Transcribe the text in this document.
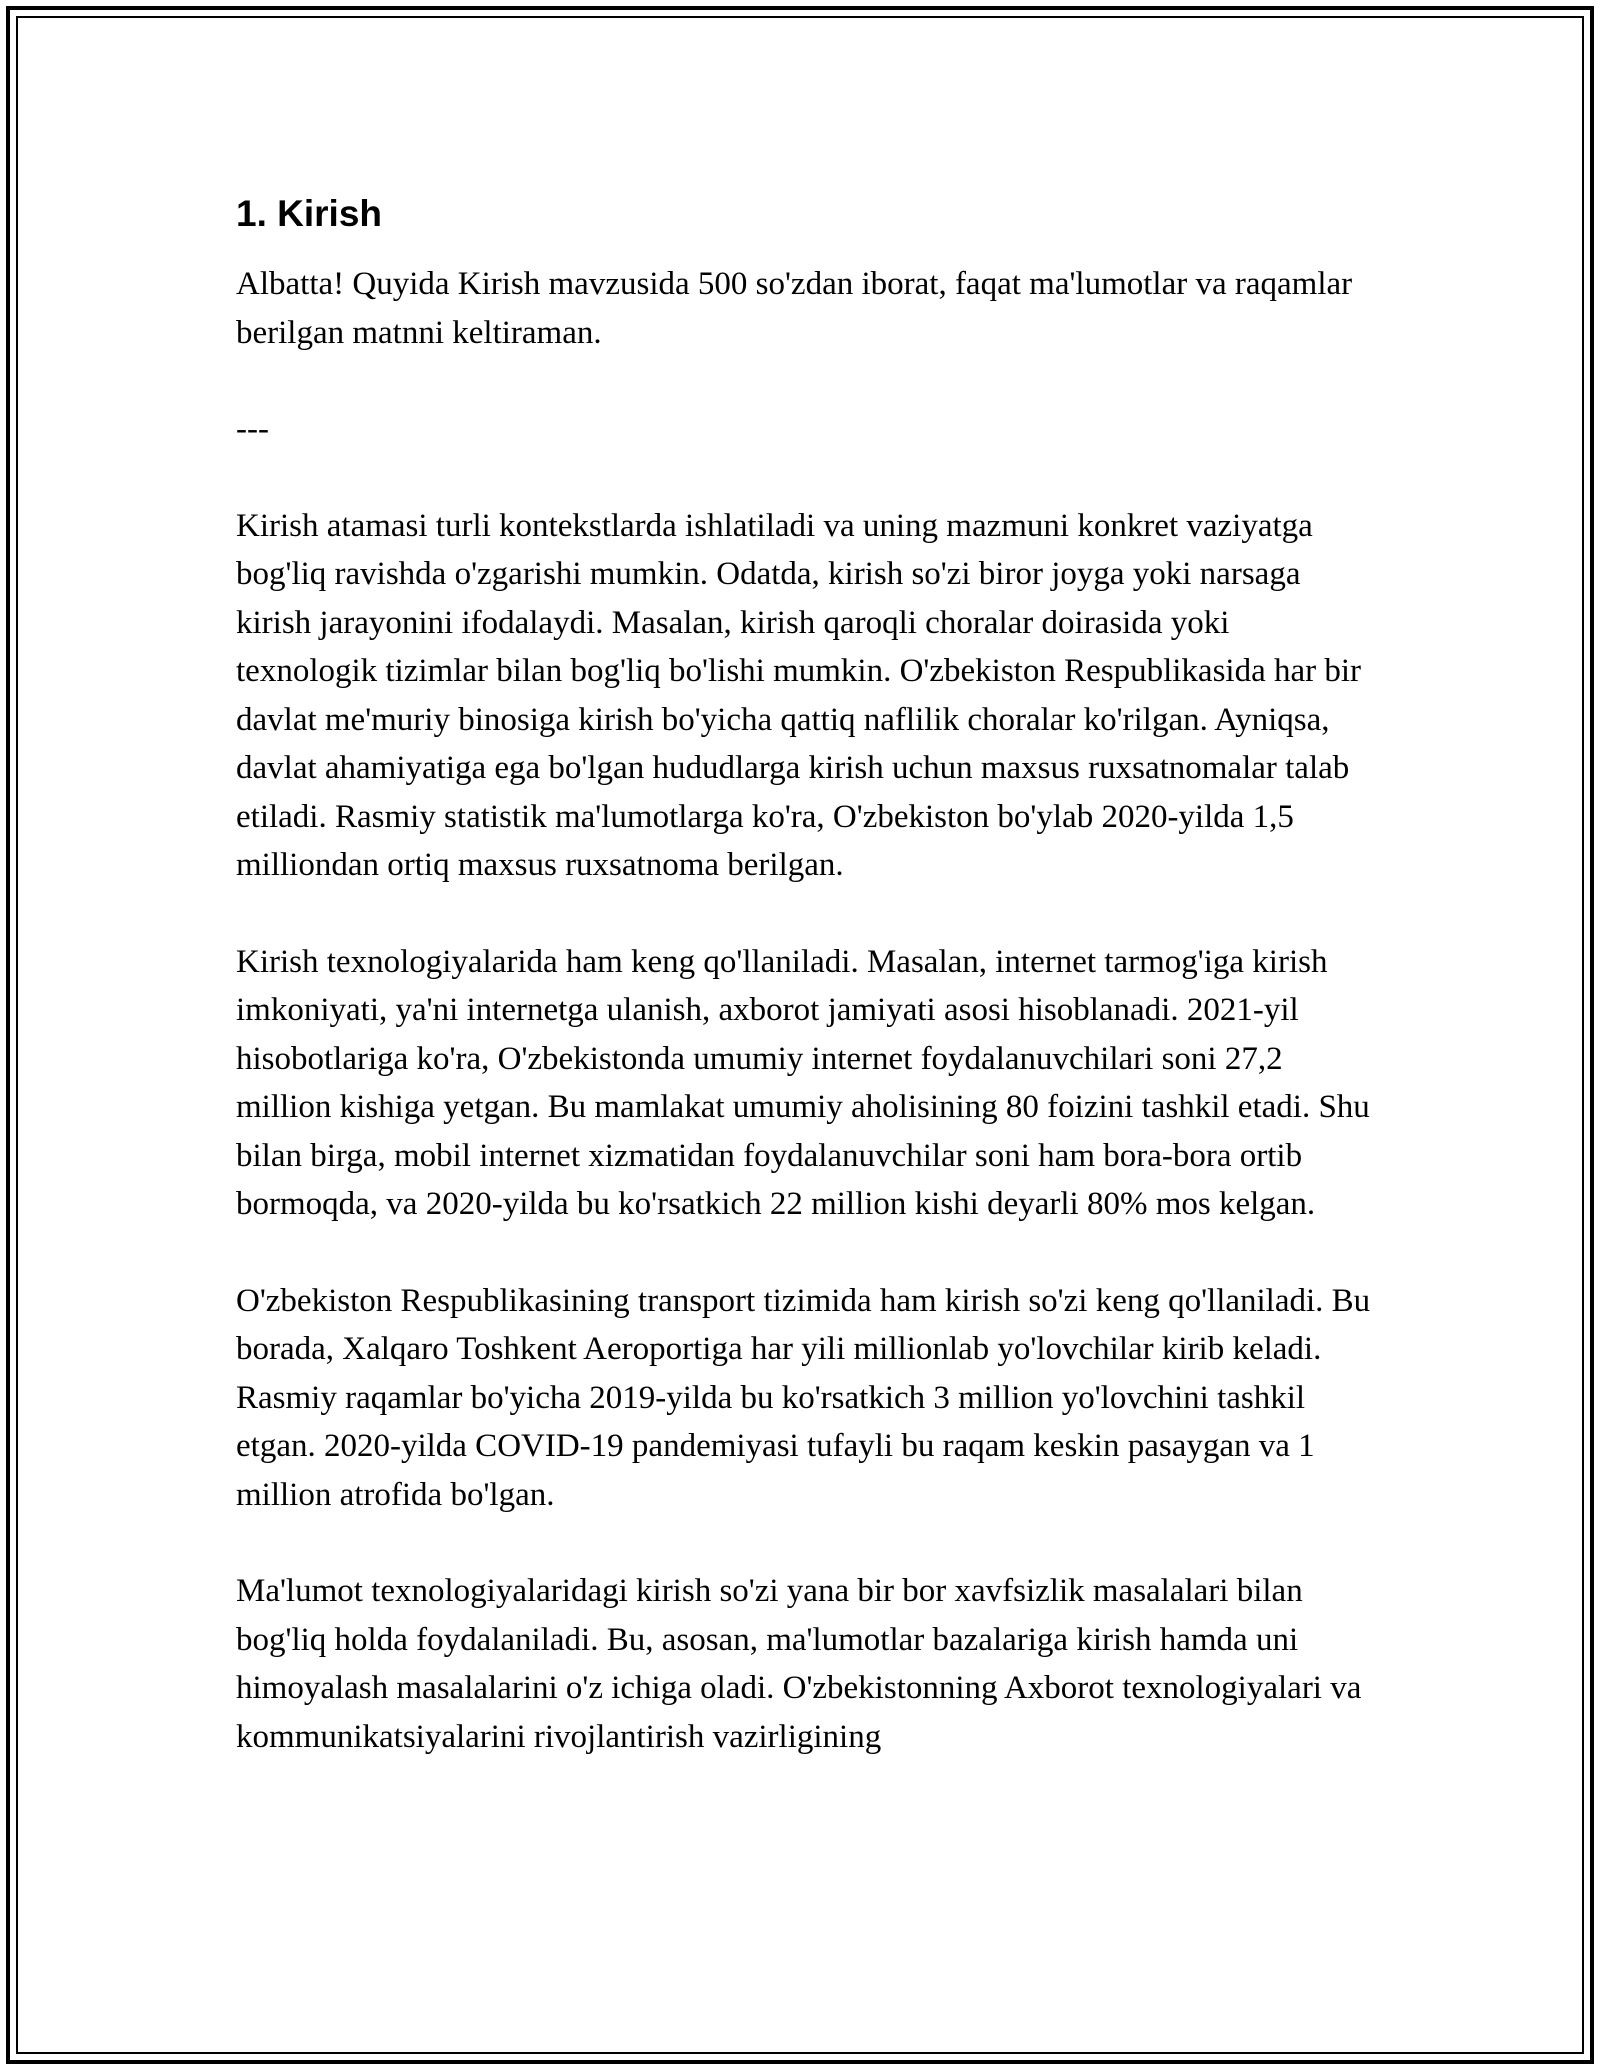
1. Kirish

Albatta! Quyida Kirish mavzusida 500 so'zdan iborat, faqat ma'lumotlar va raqamlar berilgan matnni keltiraman.

---

Kirish atamasi turli kontekstlarda ishlatiladi va uning mazmuni konkret vaziyatga bog'liq ravishda o'zgarishi mumkin. Odatda, kirish so'zi biror joyga yoki narsaga kirish jarayonini ifodalaydi. Masalan, kirish qaroqli choralar doirasida yoki texnologik tizimlar bilan bog'liq bo'lishi mumkin. O'zbekiston Respublikasida har bir davlat me'muriy binosiga kirish bo'yicha qattiq naflilik choralar ko'rilgan. Ayniqsa, davlat ahamiyatiga ega bo'lgan hududlarga kirish uchun maxsus ruxsatnomalar talab etiladi. Rasmiy statistik ma'lumotlarga ko'ra, O'zbekiston bo'ylab 2020-yilda 1,5 milliondan ortiq maxsus ruxsatnoma berilgan.

Kirish texnologiyalarida ham keng qo'llaniladi. Masalan, internet tarmog'iga kirish imkoniyati, ya'ni internetga ulanish, axborot jamiyati asosi hisoblanadi. 2021-yil hisobotlariga ko'ra, O'zbekistonda umumiy internet foydalanuvchilari soni 27,2 million kishiga yetgan. Bu mamlakat umumiy aholisining 80 foizini tashkil etadi. Shu bilan birga, mobil internet xizmatidan foydalanuvchilar soni ham bora-bora ortib bormoqda, va 2020-yilda bu ko'rsatkich 22 million kishi deyarli 80% mos kelgan.

O'zbekiston Respublikasining transport tizimida ham kirish so'zi keng qo'llaniladi. Bu borada, Xalqaro Toshkent Aeroportiga har yili millionlab yo'lovchilar kirib keladi. Rasmiy raqamlar bo'yicha 2019-yilda bu ko'rsatkich 3 million yo'lovchini tashkil etgan. 2020-yilda COVID-19 pandemiyasi tufayli bu raqam keskin pasaygan va 1 million atrofida bo'lgan.

Ma'lumot texnologiyalaridagi kirish so'zi yana bir bor xavfsizlik masalalari bilan bog'liq holda foydalaniladi. Bu, asosan, ma'lumotlar bazalariga kirish hamda uni himoyalash masalalarini o'z ichiga oladi. O'zbekistonning Axborot texnologiyalari va kommunikatsiyalarini rivojlantirish vazirligining
